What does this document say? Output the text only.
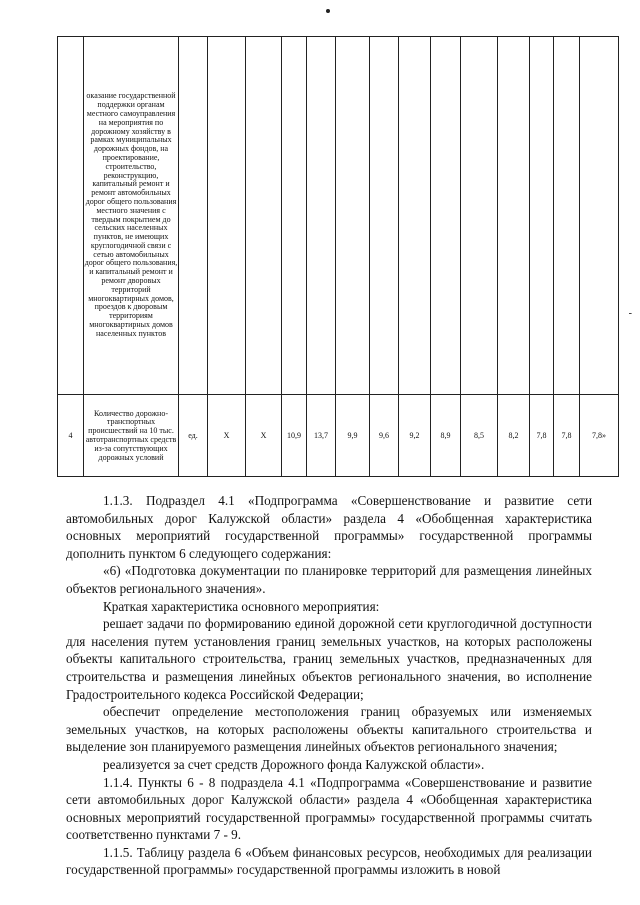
	оказание государственной поддержки органам местного самоуправления на мероприятия по дорожному хозяйству в рамках муниципальных дорожных фондов, на проектирование, строительство, реконструкцию, капитальный ремонт и ремонт автомобильных дорог общего пользования местного значения с твердым покрытием до сельских населенных пунктов, не имеющих круглогодичной связи с сетью автомобильных дорог общего пользования, и капитальный ремонт и ремонт дворовых территорий многоквартирных домов, проездов к дворовым территориям многоквартирных домов населенных пунктов														

4	Количество дорожно-транспортных происшествий на 10 тыс. автотранспортных средств из-за сопутствующих дорожных условий	ед.	Х	Х	10,9	13,7	9,9	9,6	9,2	8,9	8,5	8,2	7,8	7,8	7,8»
-

1.1.3. Подраздел 4.1 «Подпрограмма «Совершенствование и развитие сети автомобильных дорог Калужской области» раздела 4 «Обобщенная характеристика основных мероприятий государственной программы» государственной программы дополнить пунктом 6 следующего содержания:

«6) «Подготовка документации по планировке территорий для размещения линейных объектов регионального значения».

Краткая характеристика основного мероприятия:

решает задачи по формированию единой дорожной сети круглогодичной доступности для населения путем установления границ земельных участков, на которых расположены объекты капитального строительства, границ земельных участков, предназначенных для строительства и размещения линейных объектов регионального значения, во исполнение Градостроительного кодекса Российской Федерации;

обеспечит определение местоположения границ образуемых или изменяемых земельных участков, на которых расположены объекты капитального строительства и выделение зон планируемого размещения линейных объектов регионального значения;

реализуется за счет средств Дорожного фонда Калужской области».

1.1.4. Пункты 6 - 8 подраздела 4.1 «Подпрограмма «Совершенствование и развитие сети автомобильных дорог Калужской области» раздела 4 «Обобщенная характеристика основных мероприятий государственной программы» государственной программы считать соответственно пунктами 7 - 9.

1.1.5. Таблицу раздела 6 «Объем финансовых ресурсов, необходимых для реализации государственной программы» государственной программы изложить в новой
